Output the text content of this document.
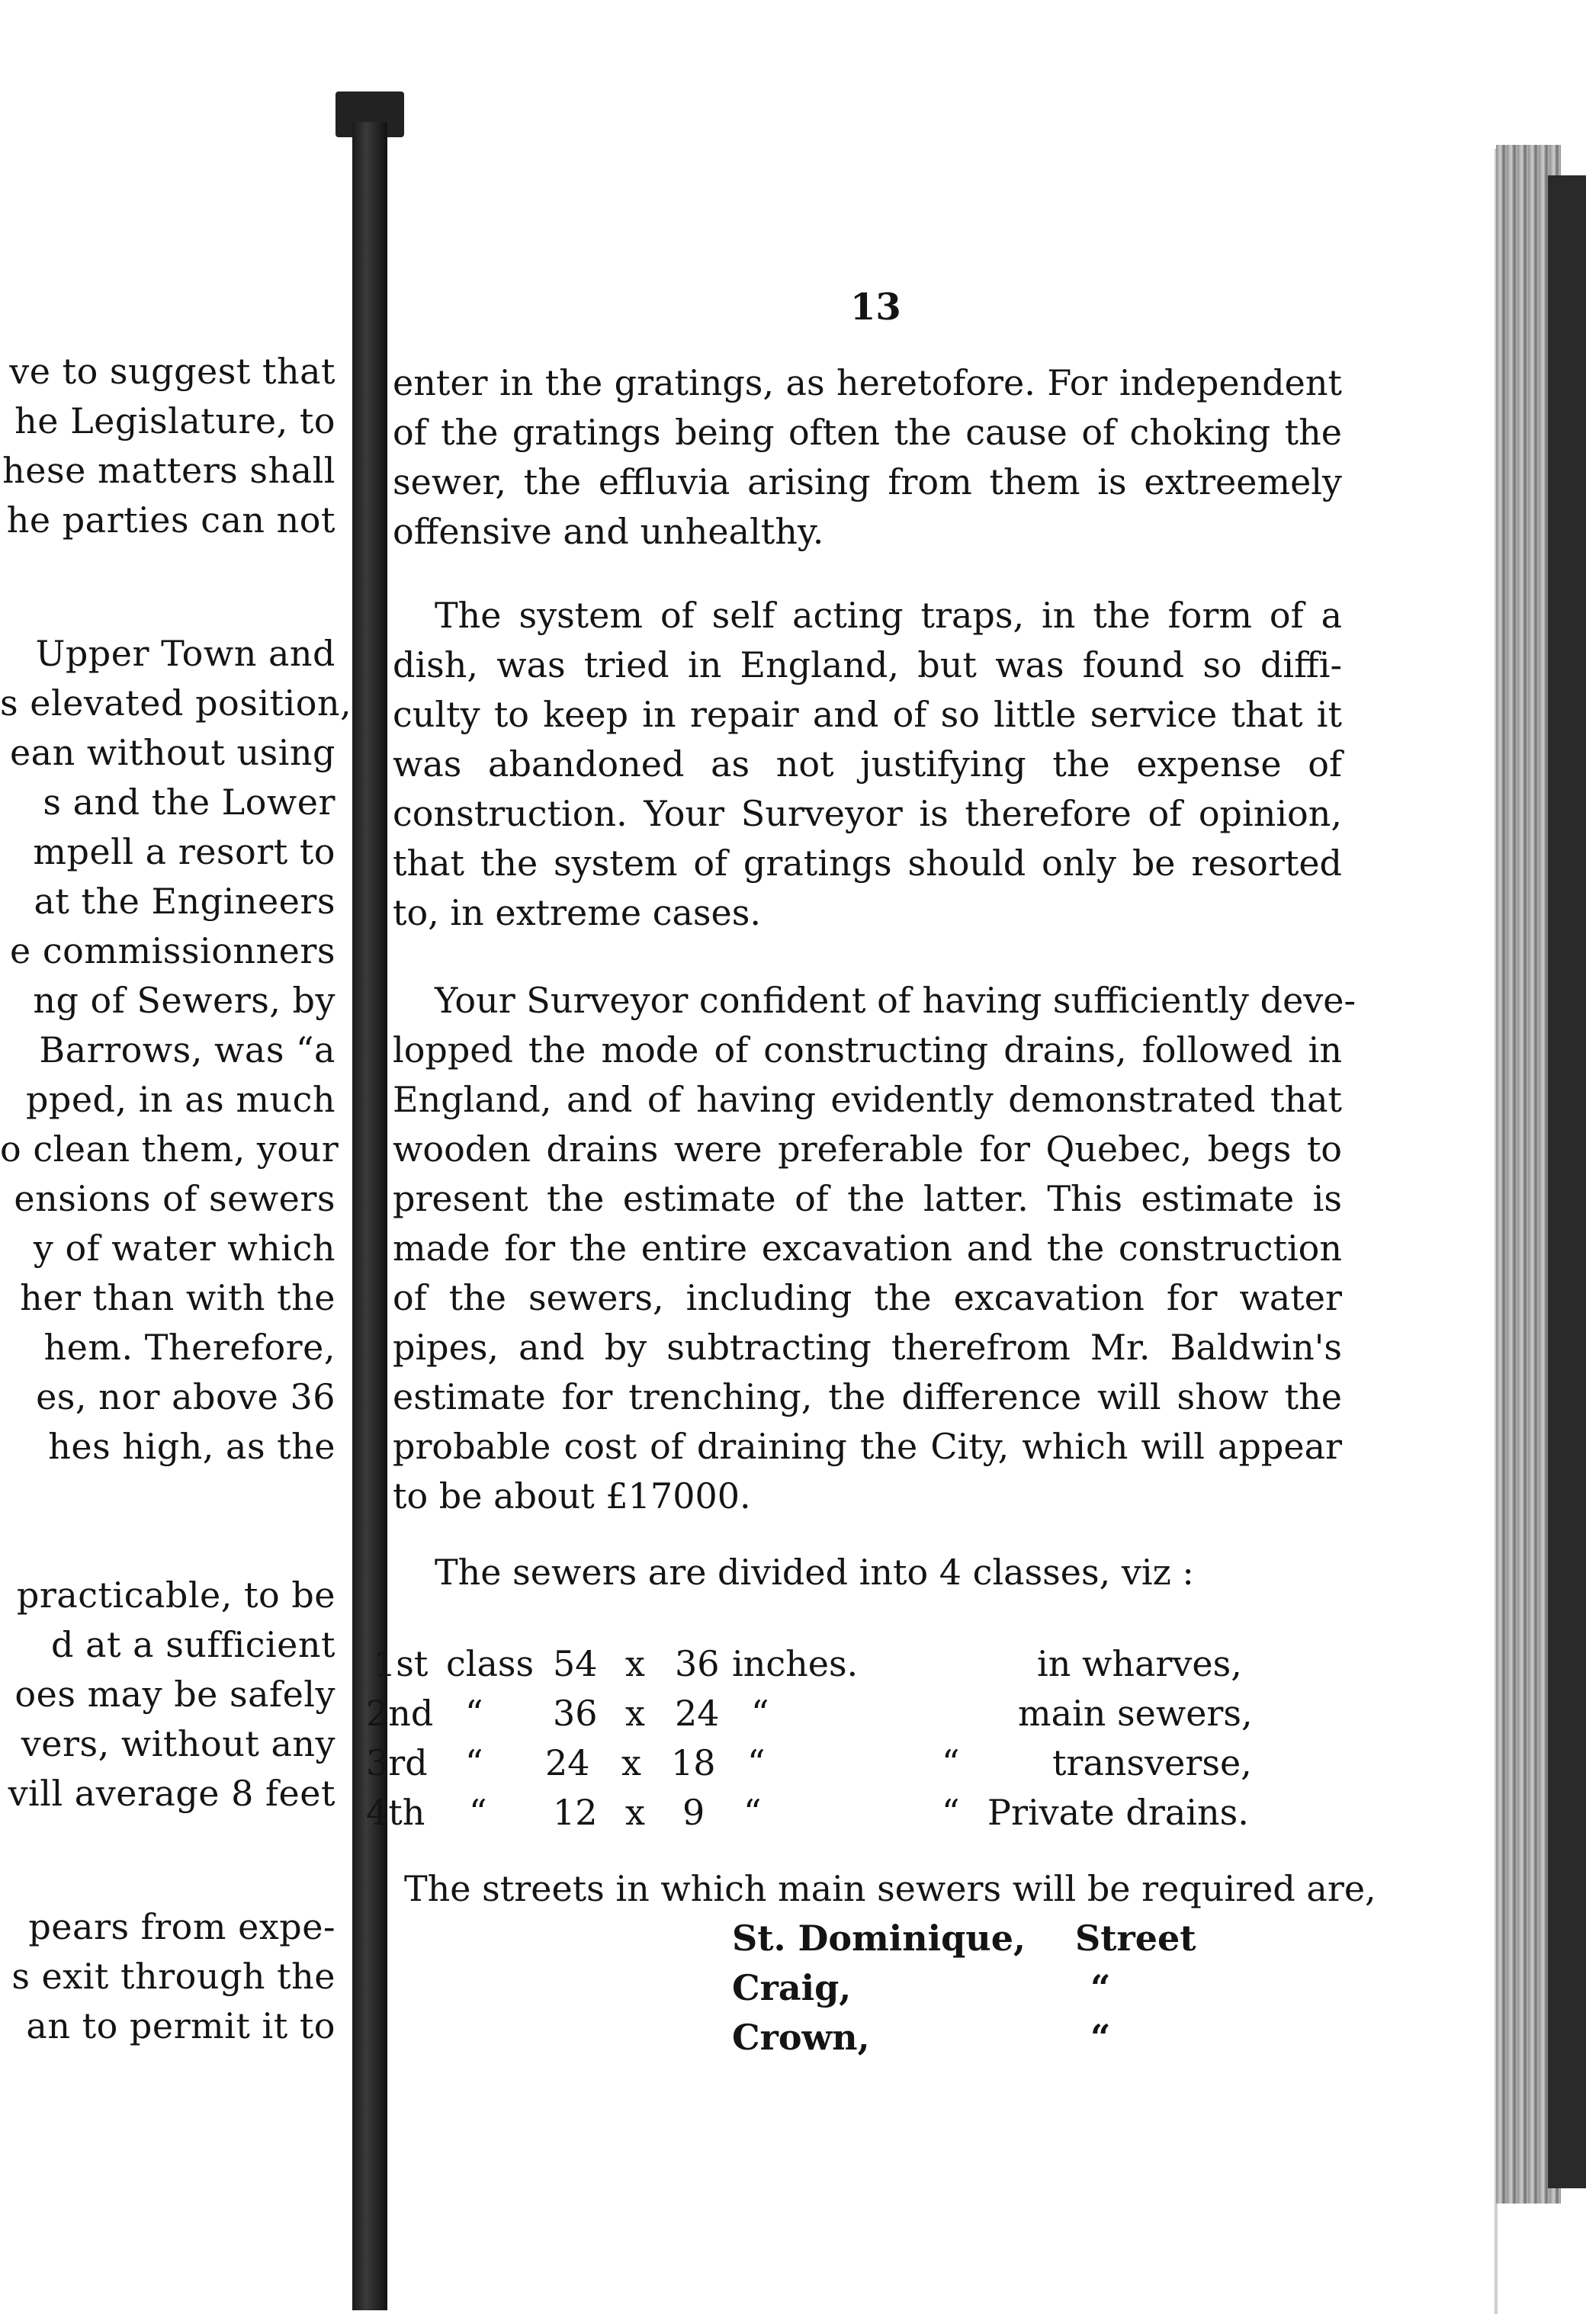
ve to suggest that
he Legislature, to
hese matters shall
he parties can not
Upper Town and
s elevated position,
ean without using
s and the Lower
mpell a resort to
at the Engineers
e commissionners
ng of Sewers, by
Barrows, was “a
pped, in as much
o clean them, your
ensions of sewers
y of water which
her than with the
hem. Therefore,
es, nor above 36
hes high, as the
practicable, to be
d at a sufficient
oes may be safely
vers, without any
vill average 8 feet
pears from expe-
s exit through the
an to permit it to
13
enter in the gratings, as heretofore. For independent
of the gratings being often the cause of choking the
sewer, the effluvia arising from them is extreemely
offensive and unhealthy.
The system of self acting traps, in the form of a
dish, was tried in England, but was found so diffi-
culty to keep in repair and of so little service that it
was abandoned as not justifying the expense of
construction. Your Surveyor is therefore of opinion,
that the system of gratings should only be resorted
to, in extreme cases.
Your Surveyor confident of having sufficiently deve-
lopped the mode of constructing drains, followed in
England, and of having evidently demonstrated that
wooden drains were preferable for Quebec, begs to
present the estimate of the latter. This estimate is
made for the entire excavation and the construction
of the sewers, including the excavation for water
pipes, and by subtracting therefrom Mr. Baldwin's
estimate for trenching, the difference will show the
probable cost of draining the City, which will appear
to be about £17000.
The sewers are divided into 4 classes, viz :
1st class 54 x 36 inches.	in wharves,
2nd “ 36 x 24 “	main sewers,
3rd “ 24 x 18 “	“	transverse,
4th “ 12 x 9 “	“ Private drains.
The streets in which main sewers will be required are,
St. Dominique, Street
Craig,	“
Crown,	“
